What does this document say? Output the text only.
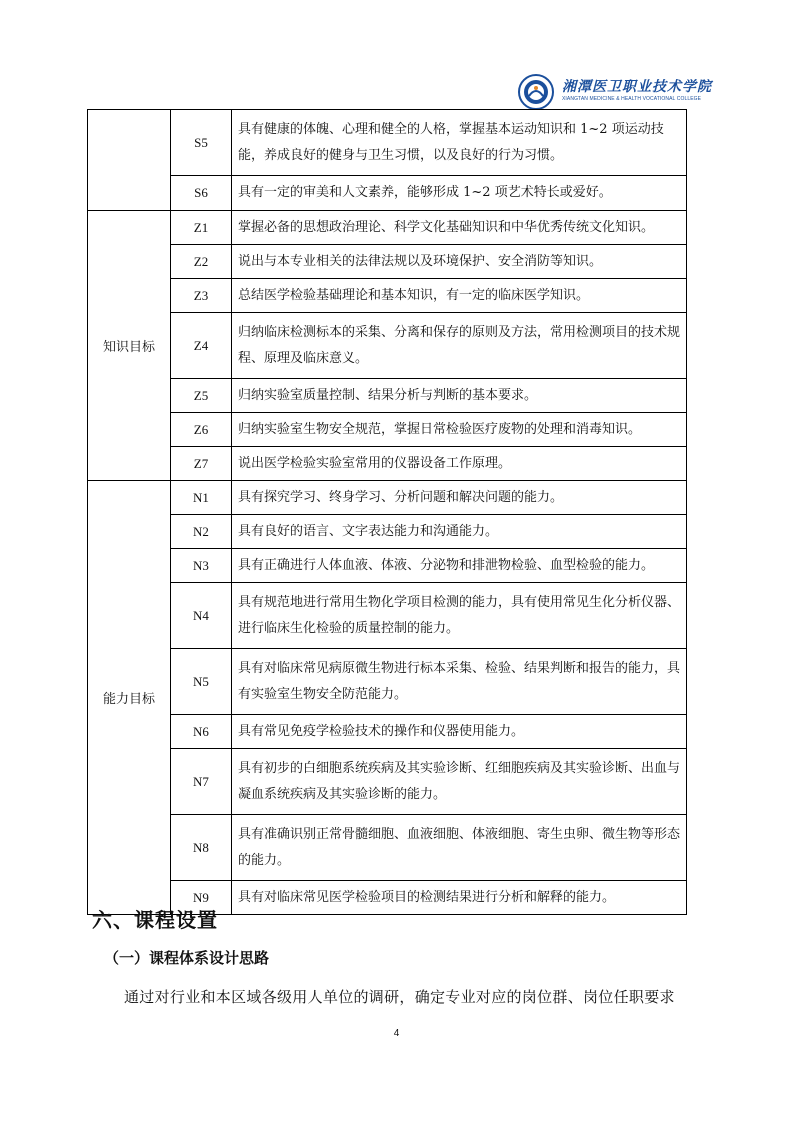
湘潭医卫职业技术学院
XIANGTAN MEDICINE & HEALTH VOCATIONAL COLLEGE
	S5	具有健康的体魄、心理和健全的人格，掌握基本运动知识和 1~2 项运动技能，养成良好的健身与卫生习惯，以及良好的行为习惯。
	S6	具有一定的审美和人文素养，能够形成 1~2 项艺术特长或爱好。
知识目标	Z1	掌握必备的思想政治理论、科学文化基础知识和中华优秀传统文化知识。
	Z2	说出与本专业相关的法律法规以及环境保护、安全消防等知识。
	Z3	总结医学检验基础理论和基本知识，有一定的临床医学知识。
	Z4	归纳临床检测标本的采集、分离和保存的原则及方法，常用检测项目的技术规程、原理及临床意义。
	Z5	归纳实验室质量控制、结果分析与判断的基本要求。
	Z6	归纳实验室生物安全规范，掌握日常检验医疗废物的处理和消毒知识。
	Z7	说出医学检验实验室常用的仪器设备工作原理。
能力目标	N1	具有探究学习、终身学习、分析问题和解决问题的能力。
	N2	具有良好的语言、文字表达能力和沟通能力。
	N3	具有正确进行人体血液、体液、分泌物和排泄物检验、血型检验的能力。
	N4	具有规范地进行常用生物化学项目检测的能力，具有使用常见生化分析仪器、进行临床生化检验的质量控制的能力。
	N5	具有对临床常见病原微生物进行标本采集、检验、结果判断和报告的能力，具有实验室生物安全防范能力。
	N6	具有常见免疫学检验技术的操作和仪器使用能力。
	N7	具有初步的白细胞系统疾病及其实验诊断、红细胞疾病及其实验诊断、出血与凝血系统疾病及其实验诊断的能力。
	N8	具有准确识别正常骨髓细胞、血液细胞、体液细胞、寄生虫卵、微生物等形态的能力。
	N9	具有对临床常见医学检验项目的检测结果进行分析和解释的能力。
六、课程设置
（一）课程体系设计思路
通过对行业和本区域各级用人单位的调研，确定专业对应的岗位群、岗位任职要求
4
